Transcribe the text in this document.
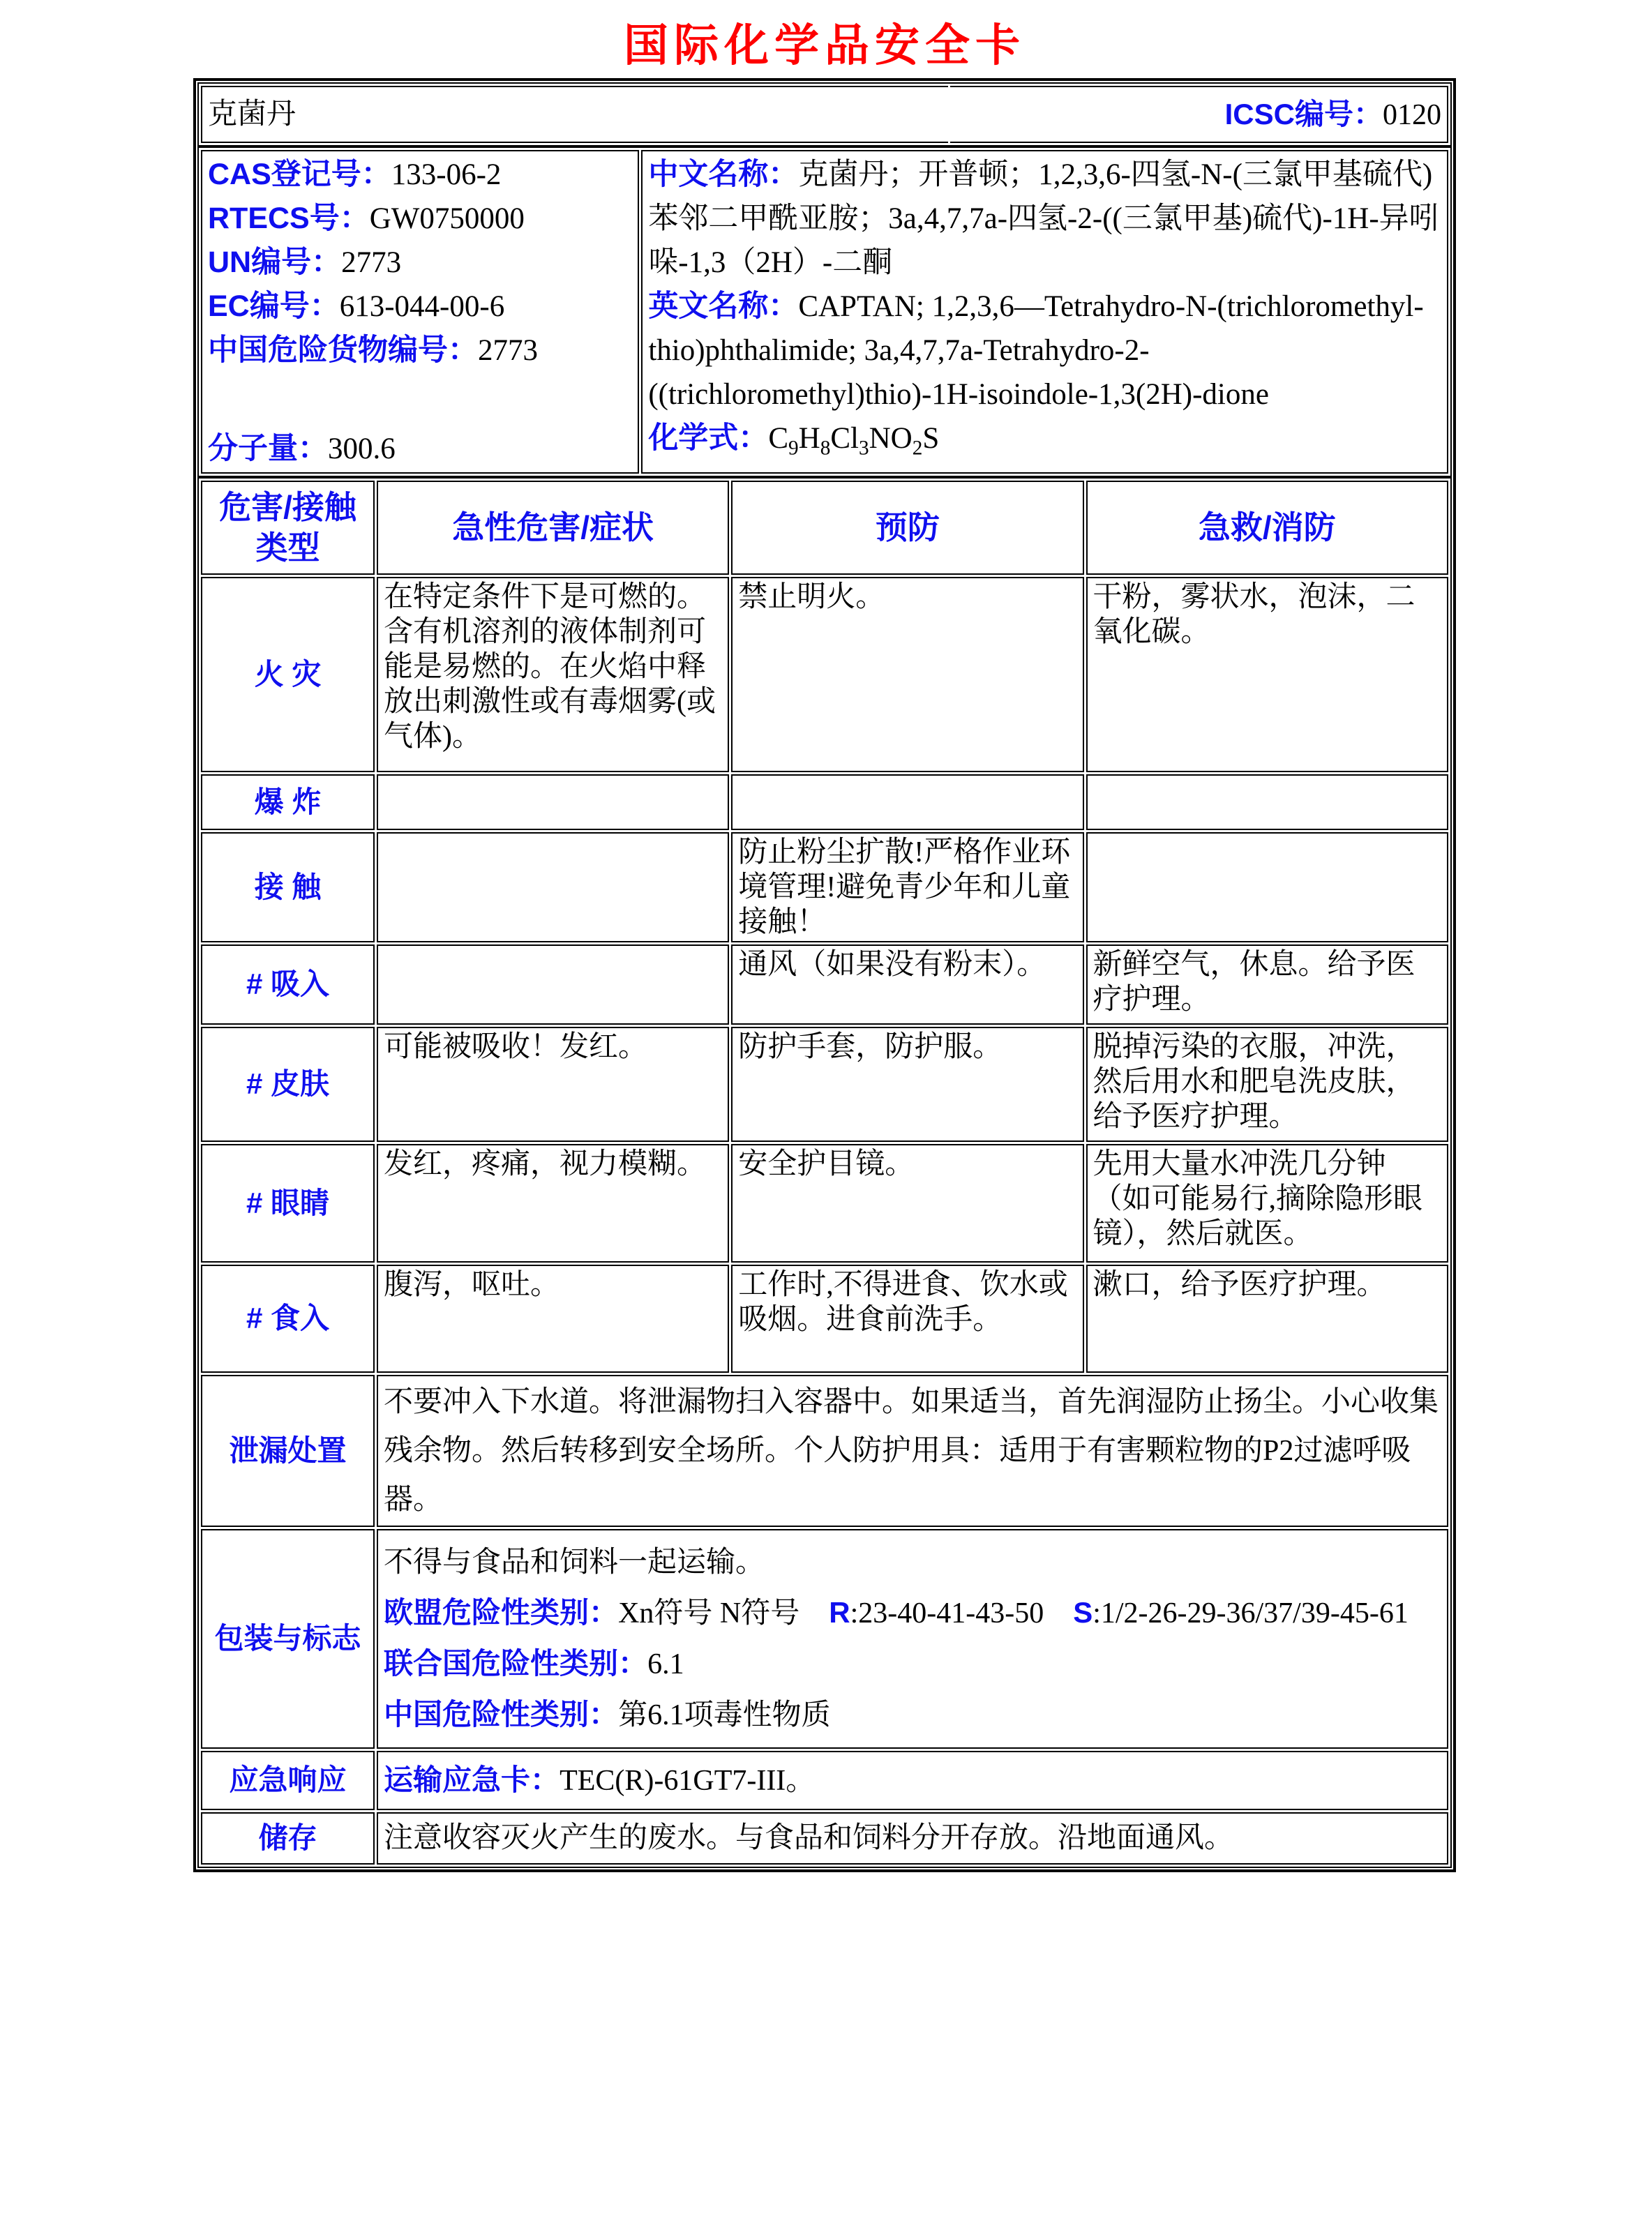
国际化学品安全卡
克菌丹	ICSC编号：0120
CAS登记号：133-06-2
RTECS号：GW0750000
UN编号：2773
EC编号：613-044-00-6
中国危险货物编号：2773
分子量：300.6

中文名称：克菌丹；开普顿；1,2,3,6-四氢-N-(三氯甲基硫代)苯邻二甲酰亚胺；3a,4,7,7a-四氢-2-((三氯甲基)硫代)-1H-异吲哚-1,3（2H）-二酮
英文名称：CAPTAN; 1,2,3,6—Tetrahydro-N-(trichloromethyl- thio)phthalimide; 3a,4,7,7a-Tetrahydro-2-((trichloromethyl)thio)-1H-isoindole-1,3(2H)-dione
化学式：$C_9H_8Cl_3NO_2S$
危害/接触类型	急性危害/症状	预防	急救/消防
火 灾	在特定条件下是可燃的。含有机溶剂的液体制剂可能是易燃的。在火焰中释放出刺激性或有毒烟雾(或气体)。	禁止明火。	干粉，雾状水，泡沫，二氧化碳。
爆 炸			
接 触		防止粉尘扩散!严格作业环境管理!避免青少年和儿童接触！	
# 吸入		通风（如果没有粉末）。	新鲜空气，休息。给予医疗护理。
# 皮肤	可能被吸收！发红。	防护手套，防护服。	脱掉污染的衣服，冲洗，然后用水和肥皂洗皮肤，给予医疗护理。
# 眼睛	发红，疼痛，视力模糊。	安全护目镜。	先用大量水冲洗几分钟（如可能易行,摘除隐形眼镜），然后就医。
# 食入	腹泻，呕吐。	工作时,不得进食、饮水或吸烟。进食前洗手。	漱口，给予医疗护理。
泄漏处置	不要冲入下水道。将泄漏物扫入容器中。如果适当，首先润湿防止扬尘。小心收集残余物。然后转移到安全场所。个人防护用具：适用于有害颗粒物的P2过滤呼吸器。		
包装与标志	不得与食品和饲料一起运输。
欧盟危险性类别：Xn符号 N符号 R:23-40-41-43-50 S:1/2-26-29-36/37/39-45-61
联合国危险性类别：6.1
中国危险性类别：第6.1项毒性物质		

应急响应	运输应急卡：TEC(R)-61GT7-III。		
储存	注意收容灭火产生的废水。与食品和饲料分开存放。沿地面通风。		
